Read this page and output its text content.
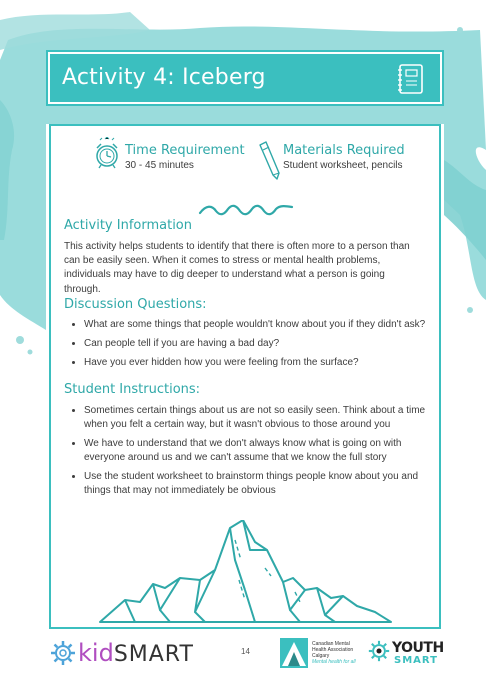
Activity 4: Iceberg
Time Requirement
30 - 45 minutes
Materials Required
Student worksheet, pencils
Activity Information
This activity helps students to identify that there is often more to a person than can be easily seen. When it comes to stress or mental health problems, individuals may have to dig deeper to understand what a person is going through.
Discussion Questions:
• What are some things that people wouldn't know about you if they didn't ask?
• Can people tell if you are having a bad day?
• Have you ever hidden how you were feeling from the surface?
Student Instructions:
• Sometimes certain things about us are not so easily seen. Think about a time when you felt a certain way, but it wasn't obvious to those around you
• We have to understand that we don't always know what is going on with everyone around us and we can't assume that we know the full story
• Use the student worksheet to brainstorm things people know about you and things that may not immediately be obvious
kidSMART	14
Canadian Mental
Health Association
Calgary
Mental health for all
YOUTH
SMART
